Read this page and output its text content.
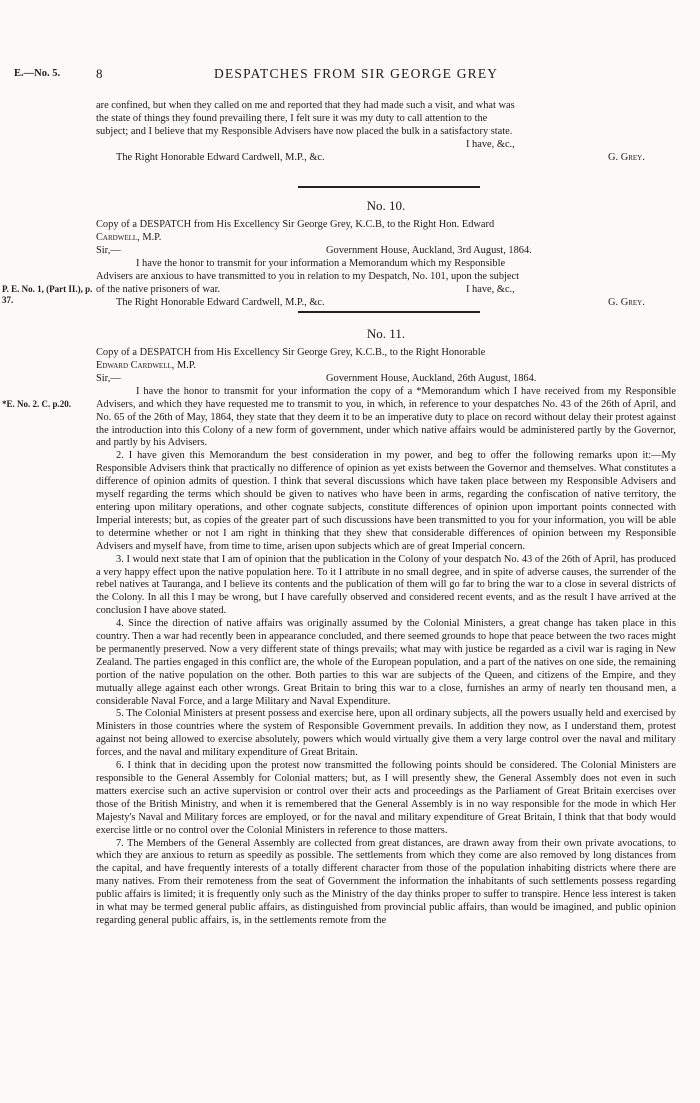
E.—No. 5.	8	DESPATCHES FROM SIR GEORGE GREY

are confined, but when they called on me and reported that they had made such a visit, and what was

the state of things they found prevailing there, I felt sure it was my duty to call attention to the

subject; and I believe that my Responsible Advisers have now placed the bulk in a satisfactory state.

I have, &c.,
The Right Honorable Edward Cardwell, M.P., &c.	G. Grey.
No. 10.

Copy of a DESPATCH from His Excellency Sir George Grey, K.C.B, to the Right Hon. Edward

Cardwell, M.P.

Sir,—	Government House, Auckland, 3rd August, 1864.

I have the honor to transmit for your information a Memorandum which my Responsible

Advisers are anxious to have transmitted to you in relation to my Despatch, No. 101, upon the subject

of the native prisoners of war.	I have, &c.,
The Right Honorable Edward Cardwell, M.P., &c.	G. Grey.
P. E. No. 1, (Part II.), p. 37.
No. 11.

Copy of a DESPATCH from His Excellency Sir George Grey, K.C.B., to the Right Honorable

Edward Cardwell, M.P.

Sir,—	Government House, Auckland, 26th August, 1864.

I have the honor to transmit for your information the copy of a *Memorandum which I have received from my Responsible Advisers, and which they have requested me to transmit to you, in which, in reference to your despatches No. 43 of the 26th of April, and No. 65 of the 26th of May, 1864, they state that they deem it to be an imperative duty to place on record without delay their protest against the introduction into this Colony of a new form of government, under which native affairs would be administered partly by the Governor, and partly by his Advisers.

2. I have given this Memorandum the best consideration in my power, and beg to offer the following remarks upon it:—My Responsible Advisers think that practically no difference of opinion as yet exists between the Governor and themselves. What constitutes a difference of opinion admits of question. I think that several discussions which have taken place between my Responsible Advisers and myself regarding the terms which should be given to natives who have been in arms, regarding the confiscation of native territory, the entering upon military operations, and other cognate subjects, constitute differences of opinion upon important points connected with Imperial interests; but, as copies of the greater part of such discussions have been transmitted to you for your information, you will be able to determine whether or not I am right in thinking that they shew that considerable differences of opinion between my Responsible Advisers and myself have, from time to time, arisen upon subjects which are of great Imperial concern.

3. I would next state that I am of opinion that the publication in the Colony of your despatch No. 43 of the 26th of April, has produced a very happy effect upon the native population here. To it I attribute in no small degree, and in spite of adverse causes, the surrender of the rebel natives at Tauranga, and I believe its contents and the publication of them will go far to bring the war to a close in several districts of the Colony. In all this I may be wrong, but I have carefully observed and considered recent events, and as the result I have arrived at the conclusion I have above stated.

4. Since the direction of native affairs was originally assumed by the Colonial Ministers, a great change has taken place in this country. Then a war had recently been in appearance concluded, and there seemed grounds to hope that peace between the two races might be permanently preserved. Now a very different state of things prevails; what may with justice be regarded as a civil war is raging in New Zealand. The parties engaged in this conflict are, the whole of the European population, and a part of the natives on one side, the remaining portion of the native population on the other. Both parties to this war are subjects of the Queen, and citizens of the Empire, and they mutually allege against each other wrongs. Great Britain to bring this war to a close, furnishes an army of nearly ten thousand men, a considerable Naval Force, and a large Military and Naval Expenditure.

5. The Colonial Ministers at present possess and exercise here, upon all ordinary subjects, all the powers usually held and exercised by Ministers in those countries where the system of Responsible Government prevails. In addition they now, as I understand them, protest against not being allowed to exercise absolutely, powers which would virtually give them a very large control over the naval and military forces, and the naval and military expenditure of Great Britain.

6. I think that in deciding upon the protest now transmitted the following points should be considered. The Colonial Ministers are responsible to the General Assembly for Colonial matters; but, as I will presently shew, the General Assembly does not even in such matters exercise such an active supervision or control over their acts and proceedings as the Parliament of Great Britain exercises over those of the British Ministry, and when it is remembered that the General Assembly is in no way responsible for the mode in which Her Majesty's Naval and Military forces are employed, or for the naval and military expenditure of Great Britain, I think that that body would exercise little or no control over the Colonial Ministers in reference to those matters.

7. The Members of the General Assembly are collected from great distances, are drawn away from their own private avocations, to which they are anxious to return as speedily as possible. The settlements from which they come are also removed by long distances from the capital, and have frequently interests of a totally different character from those of the population inhabiting districts where there are many natives. From their remoteness from the seat of Government the information the inhabitants of such settlements possess regarding public affairs is limited; it is frequently only such as the Ministry of the day thinks proper to suffer to transpire. Hence less interest is taken in what may be termed general public affairs, as distinguished from provincial public affairs, than would be imagined, and public opinion regarding general public affairs, is, in the settlements remote from the

*E. No. 2. C. p.20.
